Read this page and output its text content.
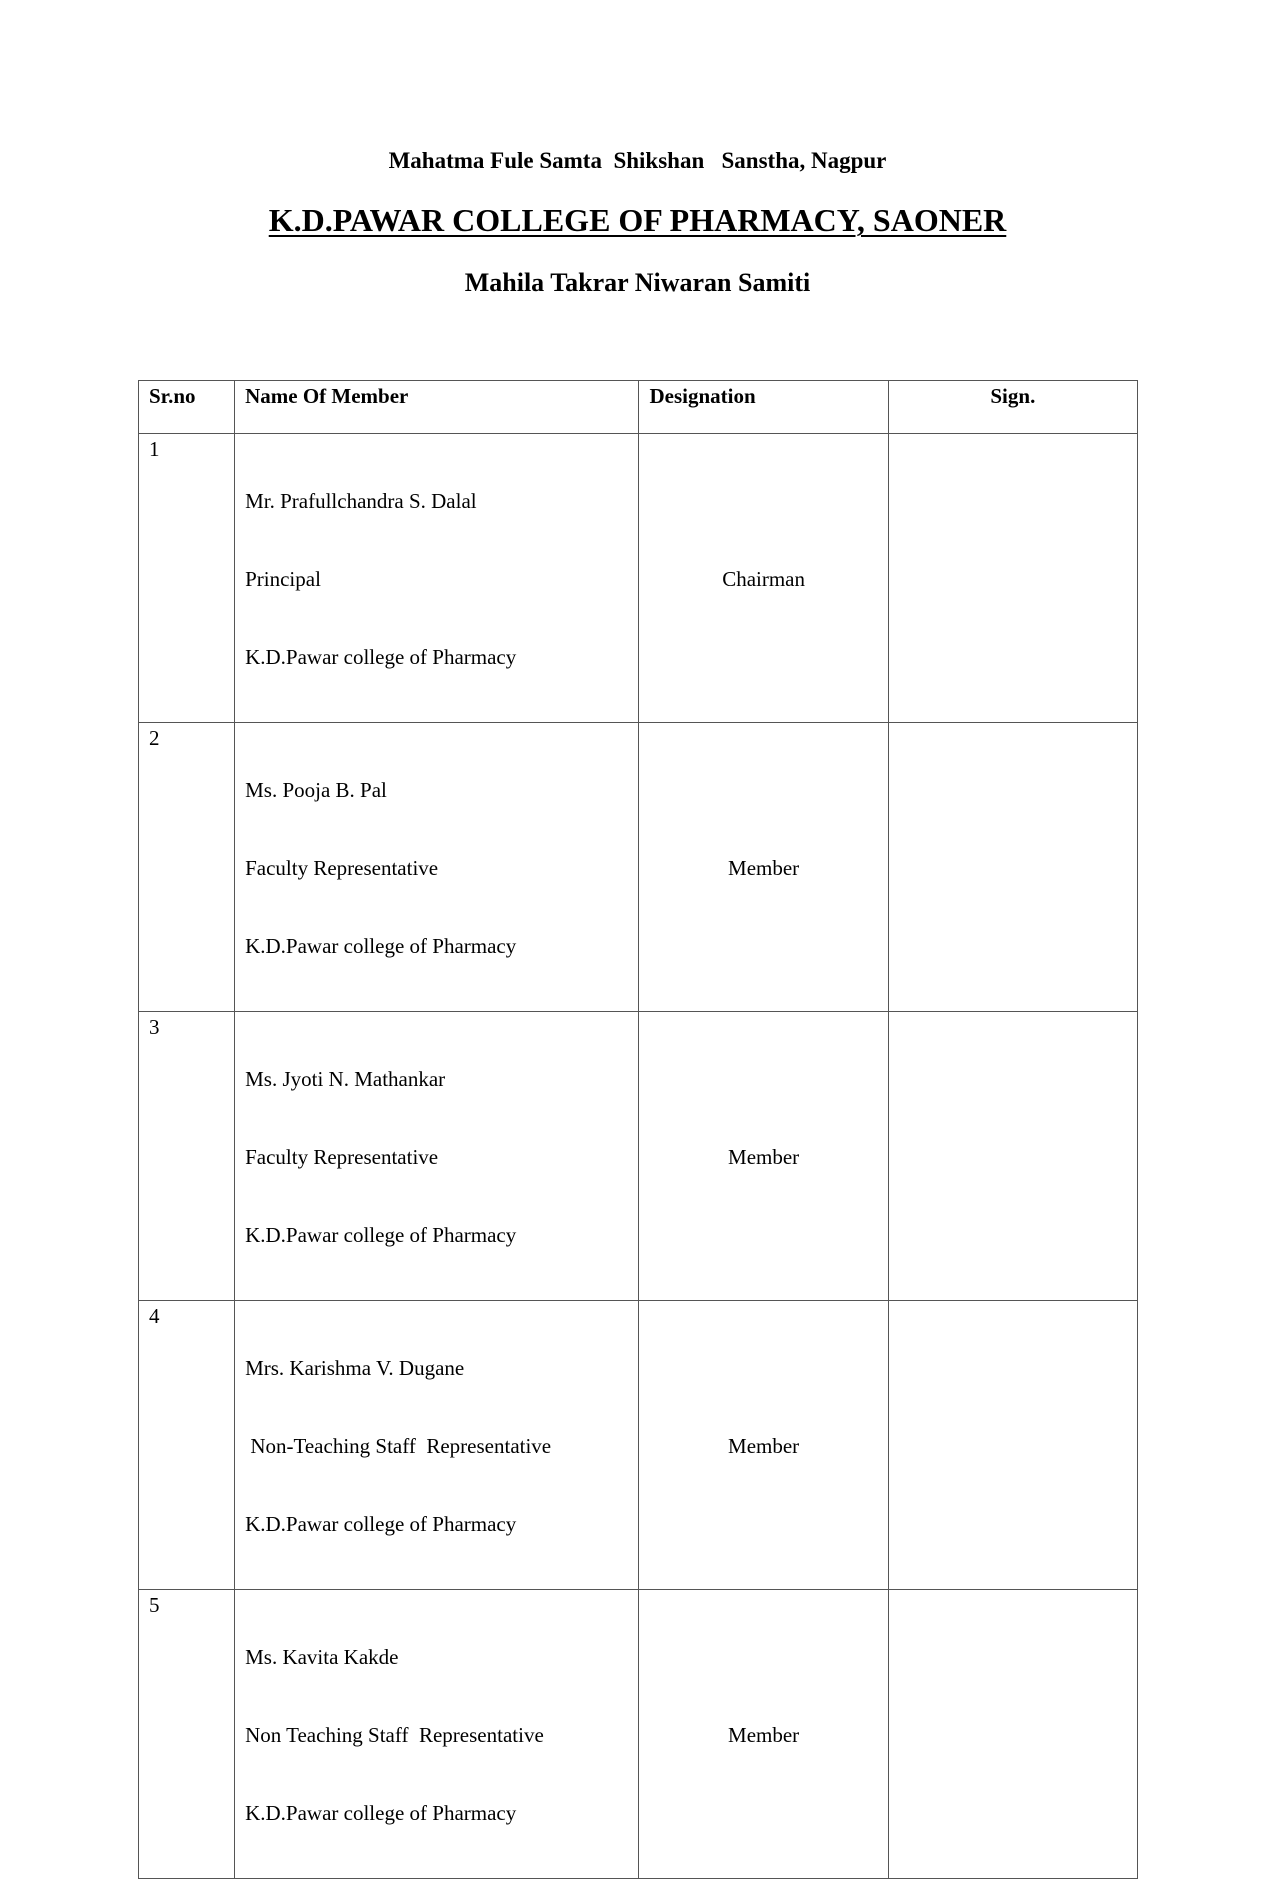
Mahatma Fule Samta  Shikshan   Sanstha, Nagpur
K.D.PAWAR COLLEGE OF PHARMACY, SAONER
Mahila Takrar Niwaran Samiti
Sr.no	Name Of Member	Designation	Sign.
1	Mr. Prafullchandra S. Dalal

Principal

K.D.Pawar college of Pharmacy	Chairman	
2	Ms. Pooja B. Pal

Faculty Representative

K.D.Pawar college of Pharmacy	Member	
3	Ms. Jyoti N. Mathankar

Faculty Representative

K.D.Pawar college of Pharmacy	Member	
4	Mrs. Karishma V. Dugane

Non-Teaching Staff  Representative

K.D.Pawar college of Pharmacy	Member	
5	Ms. Kavita Kakde

Non Teaching Staff  Representative

K.D.Pawar college of Pharmacy	Member	
